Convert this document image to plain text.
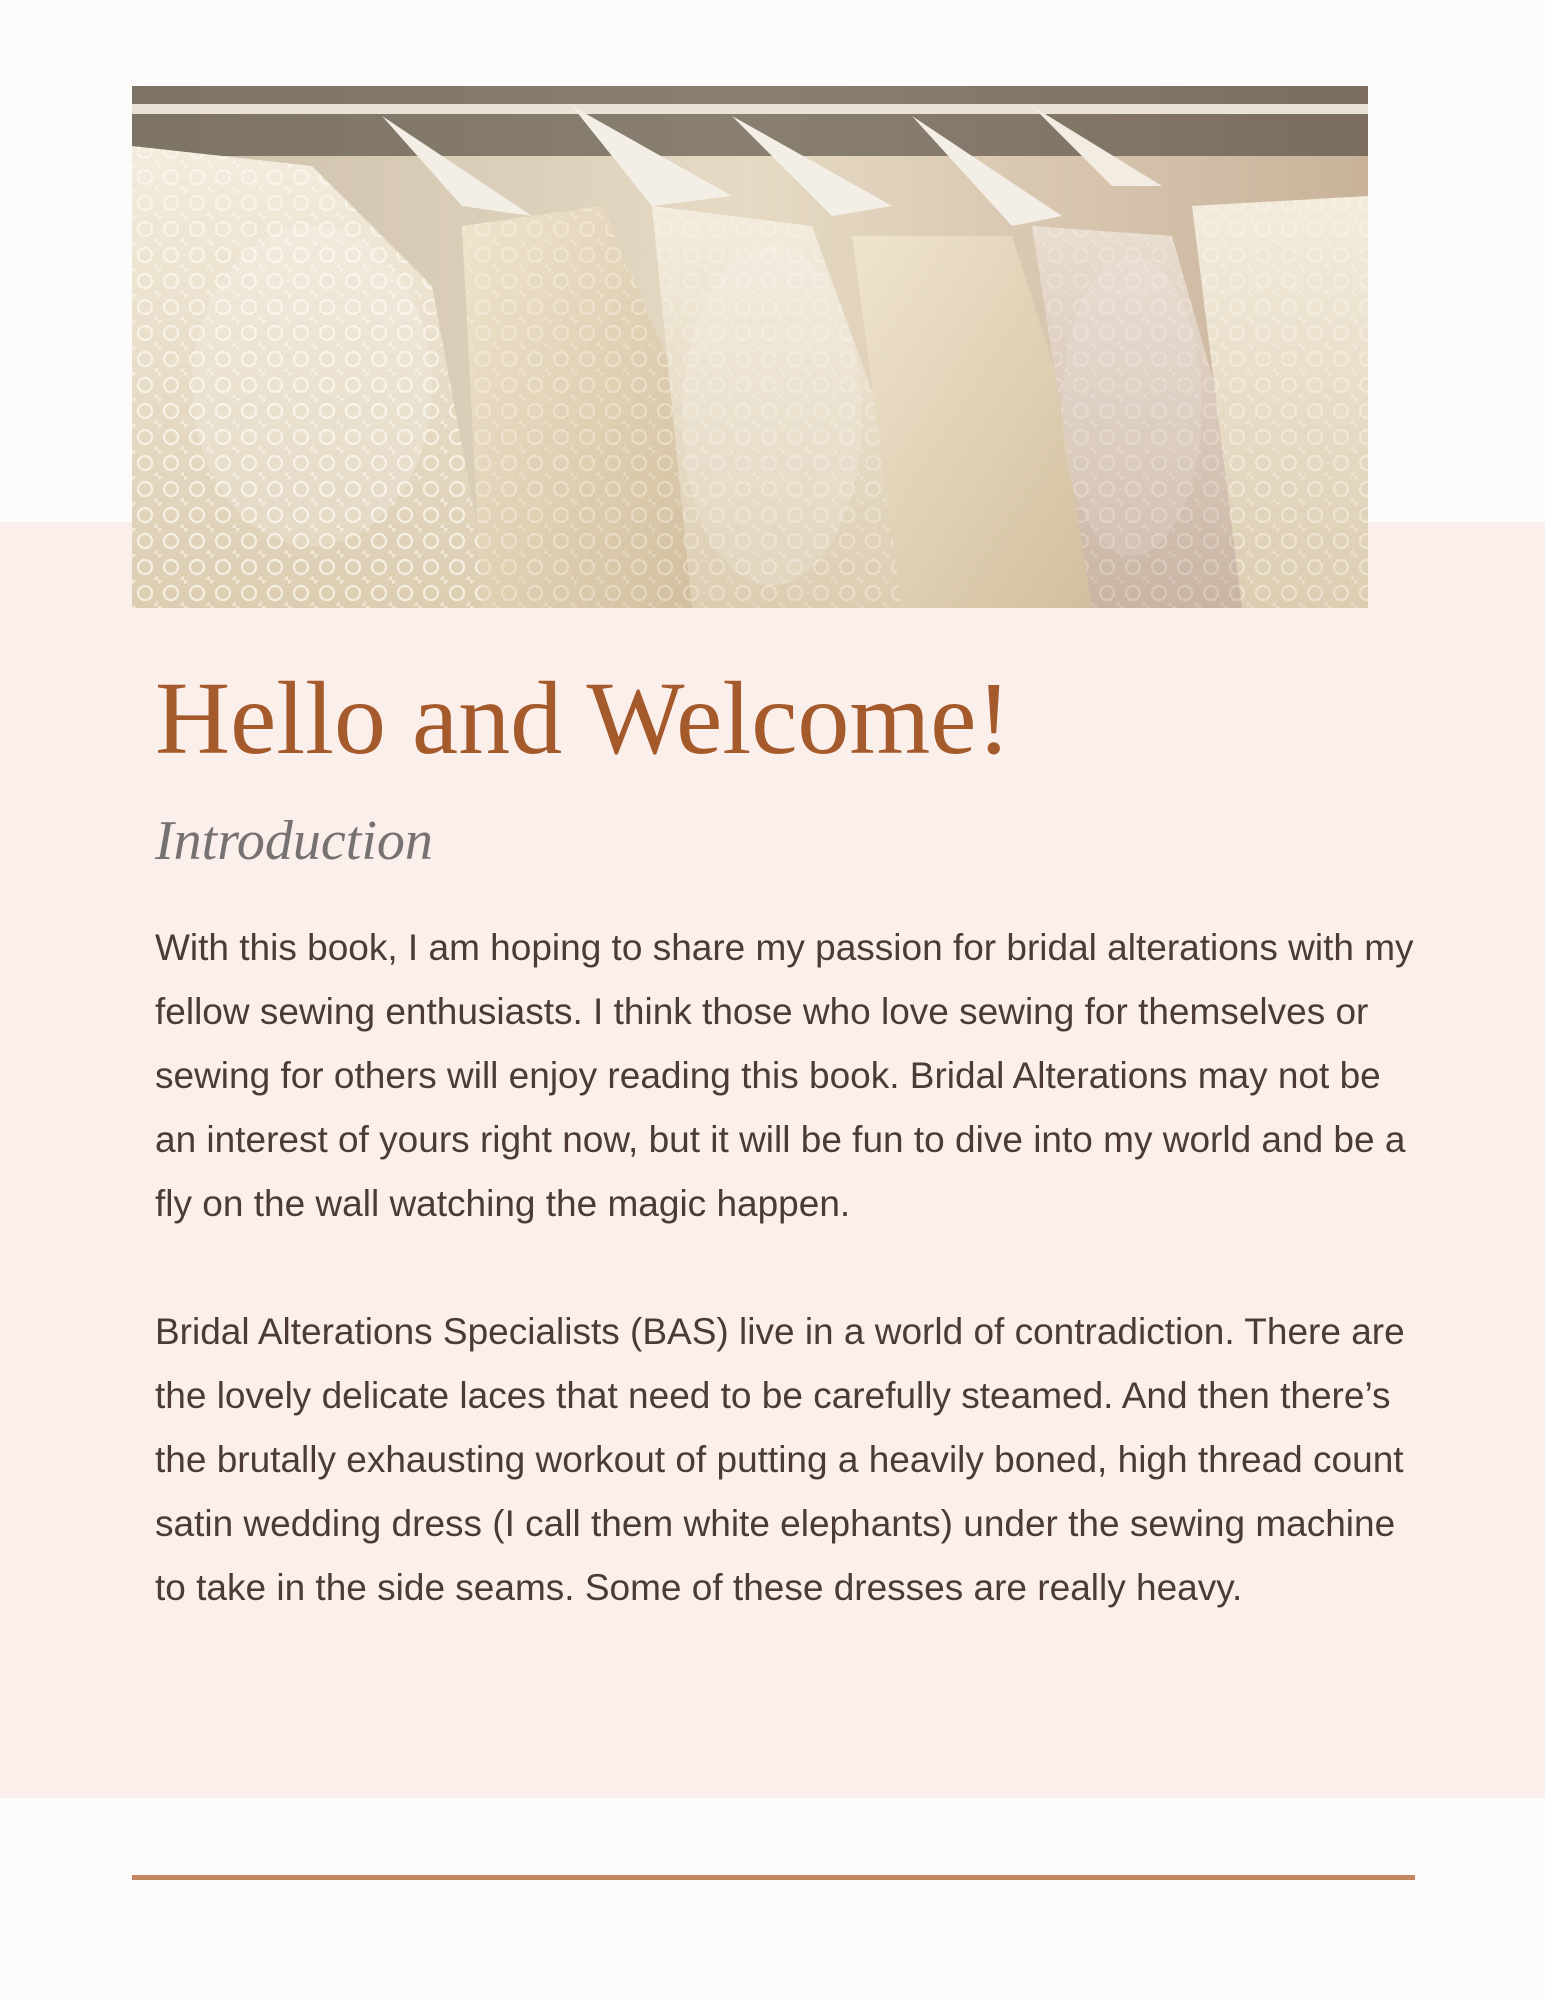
Hello and Welcome!
Introduction

With this book, I am hoping to share my passion for bridal alterations with my fellow sewing enthusiasts. I think those who love sewing for themselves or sewing for others will enjoy reading this book. Bridal Alterations may not be an interest of yours right now, but it will be fun to dive into my world and be a fly on the wall watching the magic happen.

Bridal Alterations Specialists (BAS) live in a world of contradiction. There are the lovely delicate laces that need to be carefully steamed. And then there’s the brutally exhausting workout of putting a heavily boned, high thread count satin wedding dress (I call them white elephants) under the sewing machine to take in the side seams. Some of these dresses are really heavy.
